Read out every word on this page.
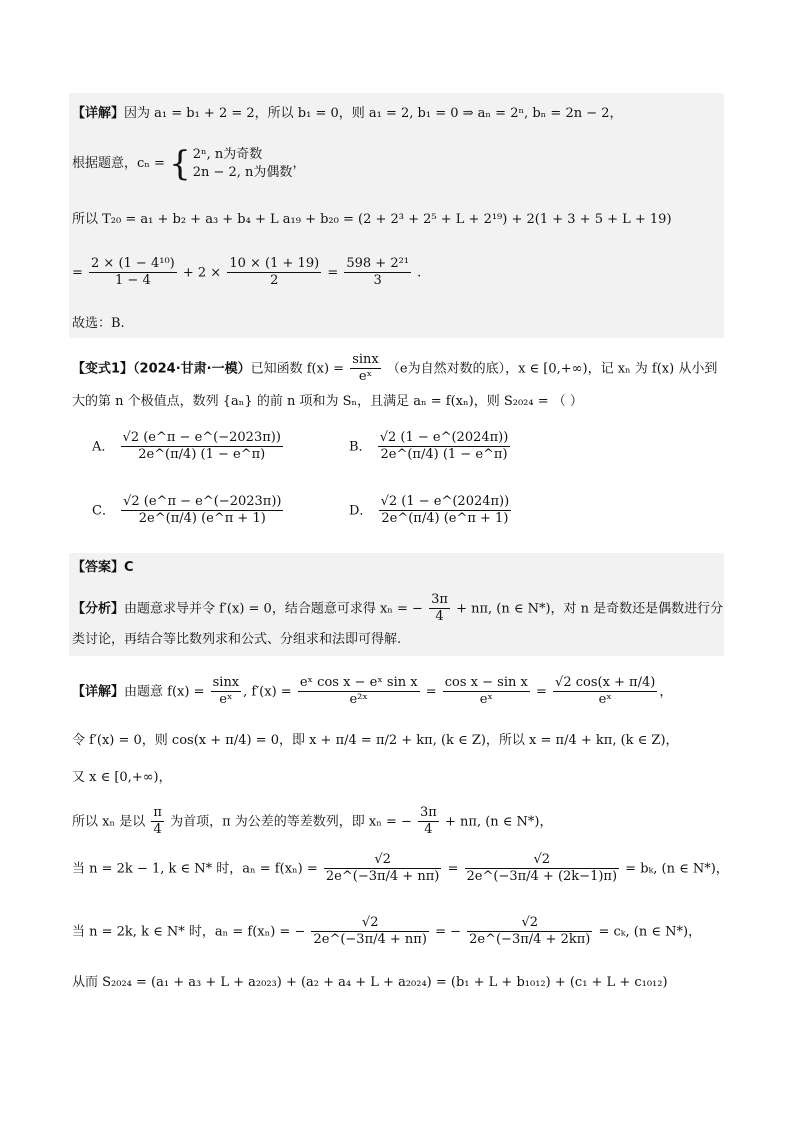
【详解】因为 a₁ = b₁ + 2 = 2，所以 b₁ = 0，则 a₁ = 2, b₁ = 0 ⇒ aₙ = 2ⁿ, bₙ = 2n − 2，
根据题意，cₙ = { 2ⁿ, n为奇数
2n − 2, n为偶数
，
所以 T₂₀ = a₁ + b₂ + a₃ + b₄ + L a₁₉ + b₂₀ = (2 + 2³ + 2⁵ + L + 2¹⁹) + 2(1 + 3 + 5 + L + 19)
= $\frac{\text{2 × (1 − 4¹⁰)}}{1 - 4} + 2 \times \frac{10 \times (1 + 19)}{2} = \frac{\text{598 + 2²¹}}{3}$ .
故选：B.
【变式1】（2024·甘肃·一模）已知函数 $f(x) = \frac{\sin x}{\text{eˣ}} (e$为自然对数的底），x ∈ [0,+∞)，记 xₙ 为 f(x) 从小到
大的第 n 个极值点，数列 {aₙ} 的前 n 项和为 Sₙ，且满足 aₙ = f(xₙ)，则 S₂₀₂₄ = （ ）
A． $\frac{√2 (e\^{}\pi - e\^{}(-2023\pi))}{2e\^{}(\pi/4) (1 - e\^{}\pi)}$	B． $\frac{√2 (1 - e\^{}(2024\pi))}{2e\^{}(\pi/4) (1 - e\^{}\pi)}$
C． $\frac{√2 (e\^{}\pi - e\^{}(-2023\pi))}{2e\^{}(\pi/4) (e\^{}\pi + 1)}$	D． $\frac{√2 (1 - e\^{}(2024\pi))}{2e\^{}(\pi/4) (e\^{}\pi + 1)}$
【答案】C
【分析】由题意求导并令 f′(x) = 0，结合题意可求得 xₙ = − $\frac{3\pi}{4} + n\pi$, (n ∈ N*)，对 n 是奇数还是偶数进行分
类讨论，再结合等比数列求和公式、分组求和法即可得解.
【详解】由题意 $f(x) = \frac{\sin x}{\text{eˣ}}$ , $f'(x) = \frac{\text{eˣ cos x − eˣ sin x}}{\text{e²ˣ}} = \frac{\text{cos x − sin x}}{\text{eˣ}} = \frac{√2 \cos(x + \pi/4)}{\text{eˣ}}$ ，
令 f′(x) = 0，则 cos(x + π/4) = 0，即 x + π/4 = π/2 + kπ, (k ∈ Z)，所以 x = π/4 + kπ, (k ∈ Z)，
又 x ∈ [0,+∞)，
所以 xₙ 是以 $\frac{\pi}{4}$ 为首项，π 为公差的等差数列，即 xₙ = − $\frac{3\pi}{4} + n\pi$, (n ∈ N*)，
当 n = 2k − 1, k ∈ N* 时，$a_n = f(x_n) = \frac{√2}{2e\^{}(-3\pi/4 + n\pi)} = \frac{√2}{2e\^{}(-3\pi/4 + (2k-1)\pi)} = b_k$, (n ∈ N*)，
当 n = 2k, k ∈ N* 时，aₙ = f(xₙ) = − $\frac{√2}{2e\^{}(-3\pi/4 + n\pi)}$ = − $\frac{√2}{2e\^{}(-3\pi/4 + 2k\pi)} = c_k$, (n ∈ N*)，
从而 S₂₀₂₄ = (a₁ + a₃ + L + a₂₀₂₃) + (a₂ + a₄ + L + a₂₀₂₄) = (b₁ + L + b₁₀₁₂) + (c₁ + L + c₁₀₁₂)
